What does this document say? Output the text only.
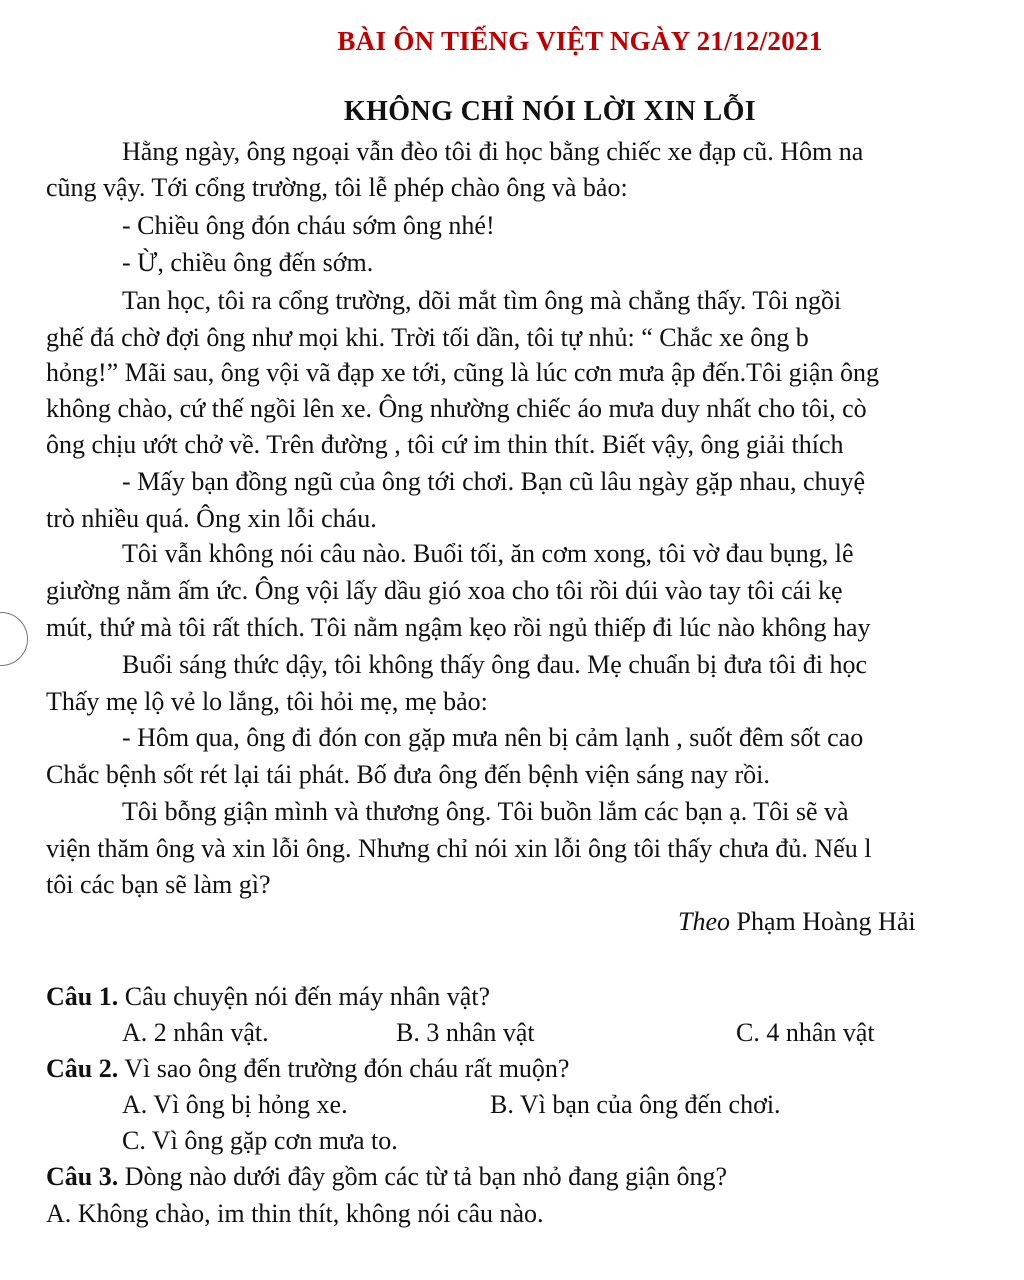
BÀI ÔN TIẾNG VIỆT NGÀY 21/12/2021
KHÔNG CHỈ NÓI LỜI XIN LỖI
Hằng ngày, ông ngoại vẫn đèo tôi đi học bằng chiếc xe đạp cũ. Hôm na
cũng vậy. Tới cổng trường, tôi lễ phép chào ông và bảo:
- Chiều ông đón cháu sớm ông nhé!
- Ừ, chiều ông đến sớm.
Tan học, tôi ra cổng trường, dõi mắt tìm ông mà chẳng thấy. Tôi ngồi
ghế đá chờ đợi ông như mọi khi. Trời tối dần, tôi tự nhủ: “ Chắc xe ông b
hỏng!” Mãi sau, ông vội vã đạp xe tới, cũng là lúc cơn mưa ập đến.Tôi giận ông
không chào, cứ thế ngồi lên xe. Ông nhường chiếc áo mưa duy nhất cho tôi, cò
ông chịu ướt chở về. Trên đường , tôi cứ im thin thít. Biết vậy, ông giải thích
- Mấy bạn đồng ngũ của ông tới chơi. Bạn cũ lâu ngày gặp nhau, chuyệ
trò nhiều quá. Ông xin lỗi cháu.
Tôi vẫn không nói câu nào. Buổi tối, ăn cơm xong, tôi vờ đau bụng, lê
giường nằm ấm ức. Ông vội lấy dầu gió xoa cho tôi rồi dúi vào tay tôi cái kẹ
mút, thứ mà tôi rất thích. Tôi nằm ngậm kẹo rồi ngủ thiếp đi lúc nào không hay
Buổi sáng thức dậy, tôi không thấy ông đau. Mẹ chuẩn bị đưa tôi đi học
Thấy mẹ lộ vẻ lo lắng, tôi hỏi mẹ, mẹ bảo:
- Hôm qua, ông đi đón con gặp mưa nên bị cảm lạnh , suốt đêm sốt cao
Chắc bệnh sốt rét lại tái phát. Bố đưa ông đến bệnh viện sáng nay rồi.
Tôi bỗng giận mình và thương ông. Tôi buồn lắm các bạn ạ. Tôi sẽ và
viện thăm ông và xin lỗi ông. Nhưng chỉ nói xin lỗi ông tôi thấy chưa đủ. Nếu l
tôi các bạn sẽ làm gì?
Theo Phạm Hoàng Hải
Câu 1. Câu chuyện nói đến máy nhân vật?
A. 2 nhân vật.	B. 3 nhân vật	C. 4 nhân vật
Câu 2. Vì sao ông đến trường đón cháu rất muộn?
A. Vì ông bị hỏng xe.	B. Vì bạn của ông đến chơi.
C. Vì ông gặp cơn mưa to.
Câu 3. Dòng nào dưới đây gồm các từ tả bạn nhỏ đang giận ông?
A. Không chào, im thin thít, không nói câu nào.
